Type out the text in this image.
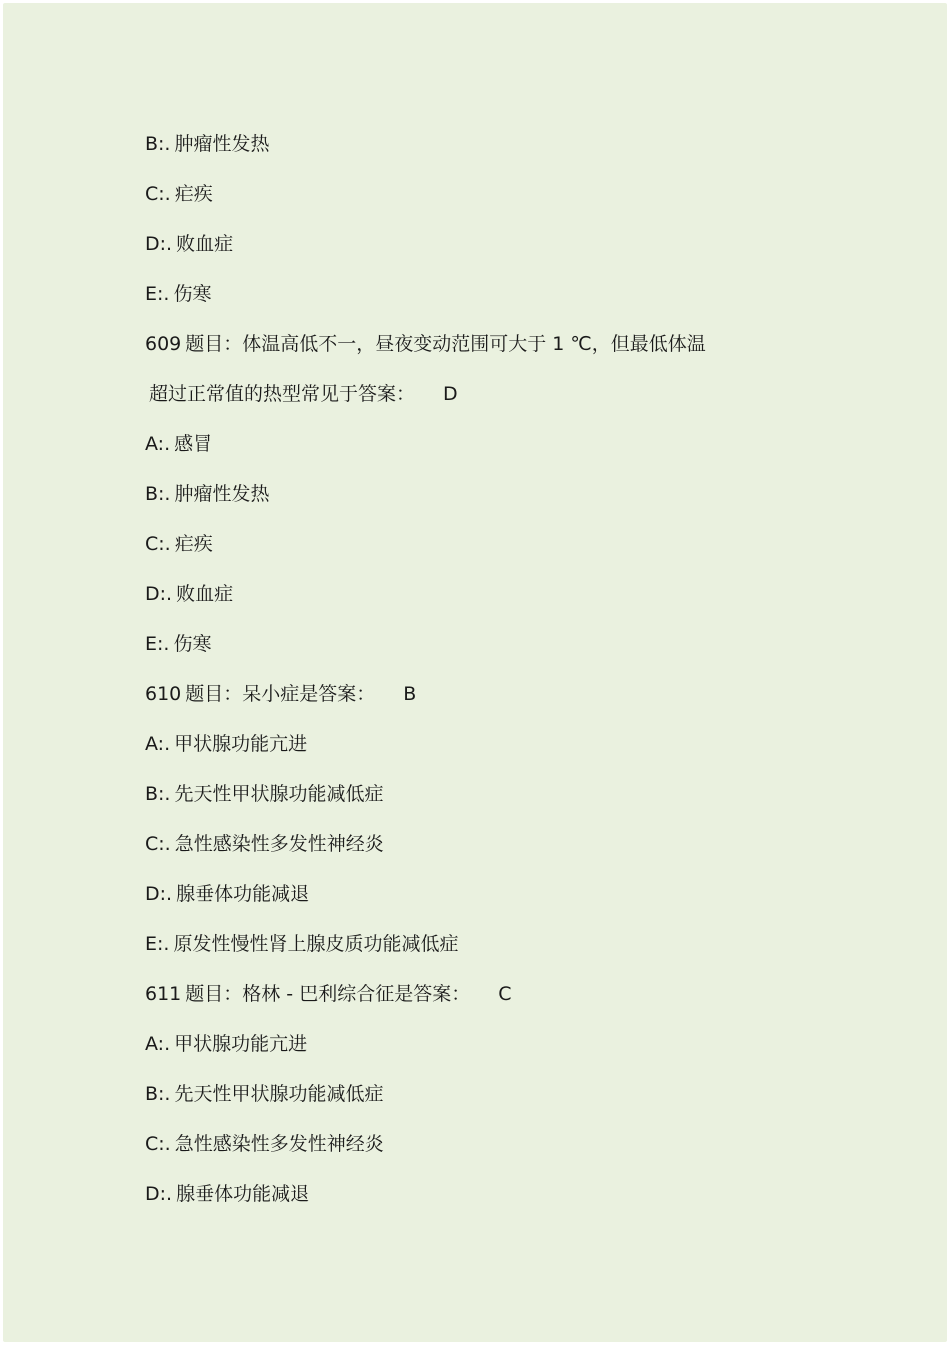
B:. 肿瘤性发热
C:. 疟疾
D:. 败血症
E:. 伤寒
609 题目：体温高低不一，昼夜变动范围可大于 1 ℃，但最低体温
超过正常值的热型常见于答案： D
A:. 感冒
B:. 肿瘤性发热
C:. 疟疾
D:. 败血症
E:. 伤寒
610 题目：呆小症是答案： B
A:. 甲状腺功能亢进
B:. 先天性甲状腺功能减低症
C:. 急性感染性多发性神经炎
D:. 腺垂体功能减退
E:. 原发性慢性肾上腺皮质功能减低症
611 题目：格林 - 巴利综合征是答案： C
A:. 甲状腺功能亢进
B:. 先天性甲状腺功能减低症
C:. 急性感染性多发性神经炎
D:. 腺垂体功能减退
